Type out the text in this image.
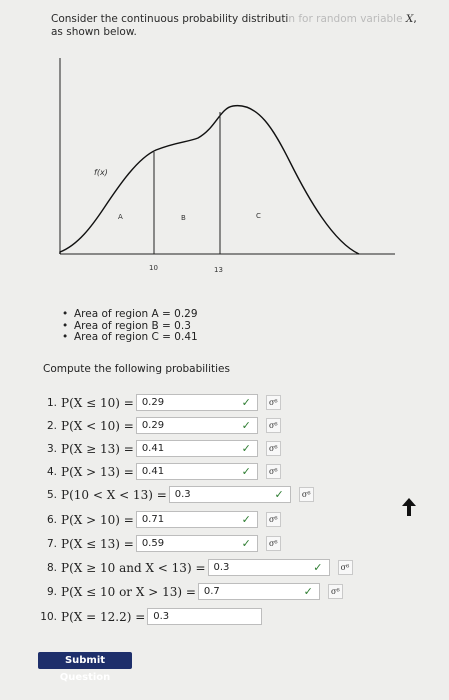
Consider the continuous probability distributin for random variable X, as shown below.
f(x)
A	B	C
10	13
• Area of region A = 0.29
• Area of region B = 0.3
• Area of region C = 0.41
Compute the following probabilities
1. P(X ≤ 10) = 0.29	✓	σ⁶
2. P(X < 10) = 0.29	✓	σ⁶
3. P(X ≥ 13) = 0.41	✓	σ⁶
4. P(X > 13) = 0.41	✓	σ⁶
5. P(10 < X < 13) = 0.3	✓	σ⁶
6. P(X > 10) = 0.71	✓	σ⁶
7. P(X ≤ 13) = 0.59	✓	σ⁶
8. P(X ≥ 10 and X < 13) = 0.3	✓	σ⁶
9. P(X ≤ 10 or X > 13) = 0.7	✓	σ⁶
10. P(X = 12.2) = 0.3
Submit Question
